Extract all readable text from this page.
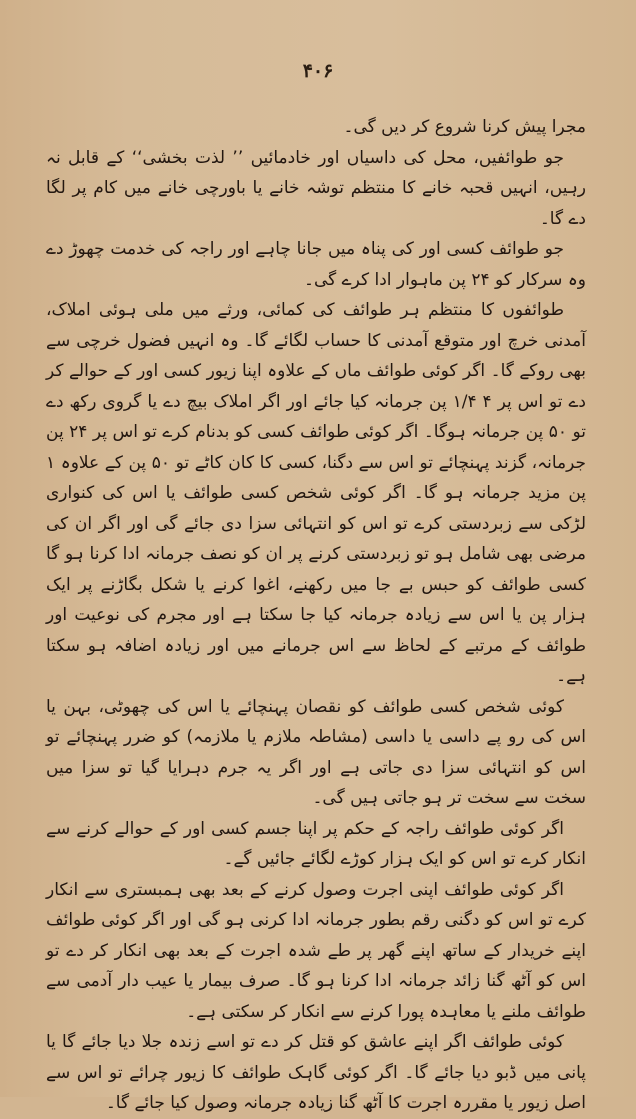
۴۰۶

مجرا پیش کرنا شروع کر دیں گی۔

جو طوائفیں، محل کی داسیاں اور خادمائیں ’’ لذت بخشی‘‘ کے قابل نہ رہیں، انہیں قحبہ خانے کا منتظم توشہ خانے یا باورچی خانے میں کام پر لگا دے گا۔

جو طوائف کسی اور کی پناہ میں جانا چاہے اور راجہ کی خدمت چھوڑ دے وہ سرکار کو ۲۴ پن ماہوار ادا کرے گی۔

طوائفوں کا منتظم ہر طوائف کی کمائی، ورثے میں ملی ہوئی املاک، آمدنی خرچ اور متوقع آمدنی کا حساب لگائے گا۔ وہ انہیں فضول خرچی سے بھی روکے گا۔ اگر کوئی طوائف ماں کے علاوہ اپنا زیور کسی اور کے حوالے کر دے تو اس پر ۴ ۱/۴ پن جرمانہ کیا جائے اور اگر املاک بیچ دے یا گروی رکھ دے تو ۵۰ پن جرمانہ ہوگا۔ اگر کوئی طوائف کسی کو بدنام کرے تو اس پر ۲۴ پن جرمانہ، گزند پہنچائے تو اس سے دگنا، کسی کا کان کاٹے تو ۵۰ پن کے علاوہ ۱ پن مزید جرمانہ ہو گا۔ اگر کوئی شخص کسی طوائف یا اس کی کنواری لڑکی سے زبردستی کرے تو اس کو انتہائی سزا دی جائے گی اور اگر ان کی مرضی بھی شامل ہو تو زبردستی کرنے پر ان کو نصف جرمانہ ادا کرنا ہو گا کسی طوائف کو حبس بے جا میں رکھنے، اغوا کرنے یا شکل بگاڑنے پر ایک ہزار پن یا اس سے زیادہ جرمانہ کیا جا سکتا ہے اور مجرم کی نوعیت اور طوائف کے مرتبے کے لحاظ سے اس جرمانے میں اور زیادہ اضافہ ہو سکتا ہے۔

کوئی شخص کسی طوائف کو نقصان پہنچائے یا اس کی چھوٹی، بہن یا اس کی رو پے داسی یا داسی (مشاطہ ملازم یا ملازمہ) کو ضرر پہنچائے تو اس کو انتہائی سزا دی جاتی ہے اور اگر یہ جرم دہرایا گیا تو سزا میں سخت سے سخت تر ہو جاتی ہیں گی۔

اگر کوئی طوائف راجہ کے حکم پر اپنا جسم کسی اور کے حوالے کرنے سے انکار کرے تو اس کو ایک ہزار کوڑے لگائے جائیں گے۔

اگر کوئی طوائف اپنی اجرت وصول کرنے کے بعد بھی ہمبستری سے انکار کرے تو اس کو دگنی رقم بطور جرمانہ ادا کرنی ہو گی اور اگر کوئی طوائف اپنے خریدار کے ساتھ اپنے گھر پر طے شدہ اجرت کے بعد بھی انکار کر دے تو اس کو آٹھ گنا زائد جرمانہ ادا کرنا ہو گا۔ صرف بیمار یا عیب دار آدمی سے طوائف ملنے یا معاہدہ پورا کرنے سے انکار کر سکتی ہے۔

کوئی طوائف اگر اپنے عاشق کو قتل کر دے تو اسے زندہ جلا دیا جائے گا یا پانی میں ڈبو دیا جائے گا۔ اگر کوئی گاہک طوائف کا زیور چرائے تو اس سے اصل زیور یا مقررہ اجرت کا آٹھ گنا زیادہ جرمانہ وصول کیا جائے گا۔
